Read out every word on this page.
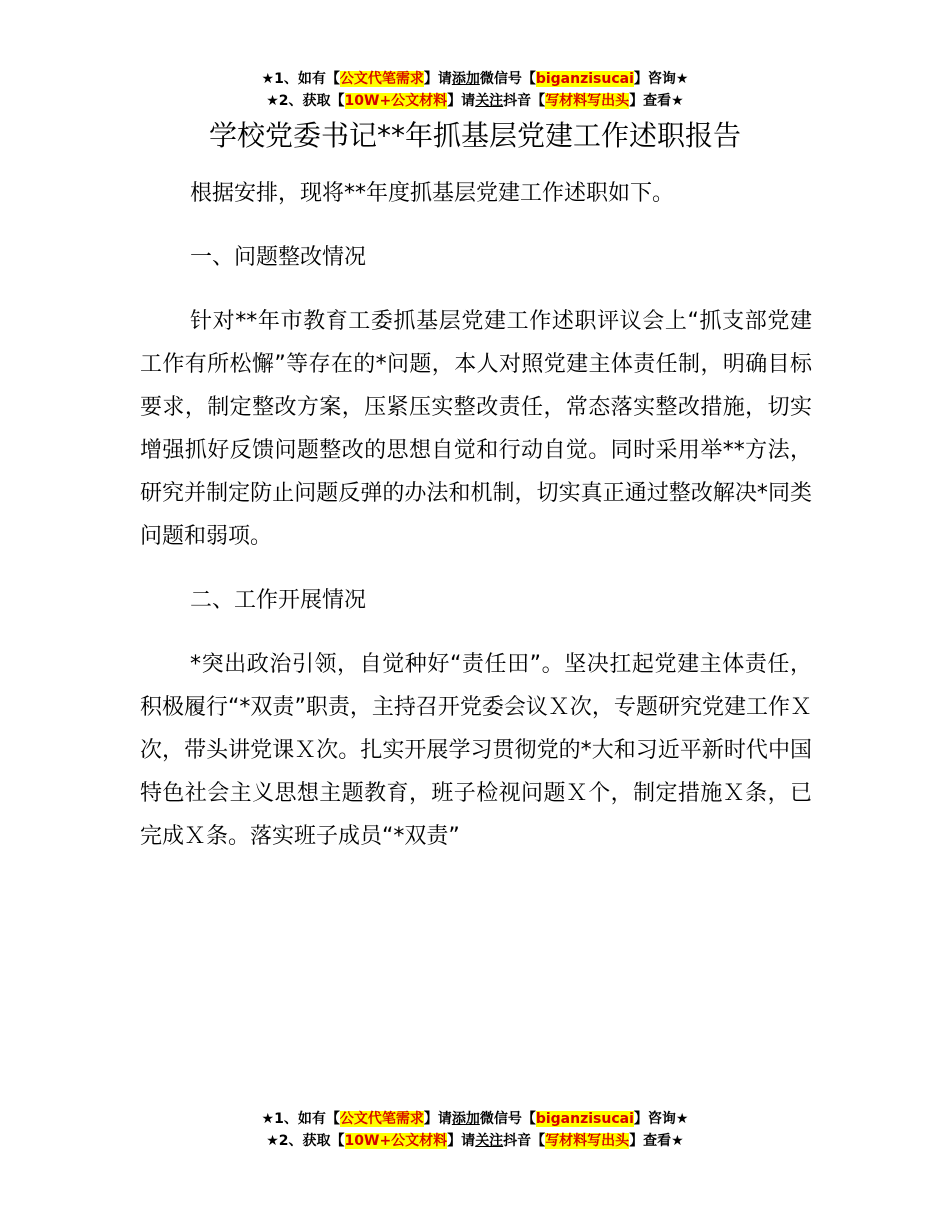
★1、如有【公文代笔需求】请添加微信号【biganzisucai】咨询★
★2、获取【10W+公文材料】请关注抖音【写材料写出头】查看★
学校党委书记**年抓基层党建工作述职报告

根据安排，现将**年度抓基层党建工作述职如下。

一、问题整改情况

针对**年市教育工委抓基层党建工作述职评议会上“抓支部党建工作有所松懈”等存在的*问题，本人对照党建主体责任制，明确目标要求，制定整改方案，压紧压实整改责任，常态落实整改措施，切实增强抓好反馈问题整改的思想自觉和行动自觉。同时采用举**方法，研究并制定防止问题反弹的办法和机制，切实真正通过整改解决*同类问题和弱项。

二、工作开展情况

*突出政治引领，自觉种好“责任田”。坚决扛起党建主体责任，积极履行“*双责”职责，主持召开党委会议Ｘ次，专题研究党建工作Ｘ次，带头讲党课Ｘ次。扎实开展学习贯彻党的*大和习近平新时代中国特色社会主义思想主题教育，班子检视问题Ｘ个，制定措施Ｘ条，已完成Ｘ条。落实班子成员“*双责”

★1、如有【公文代笔需求】请添加微信号【biganzisucai】咨询★
★2、获取【10W+公文材料】请关注抖音【写材料写出头】查看★
